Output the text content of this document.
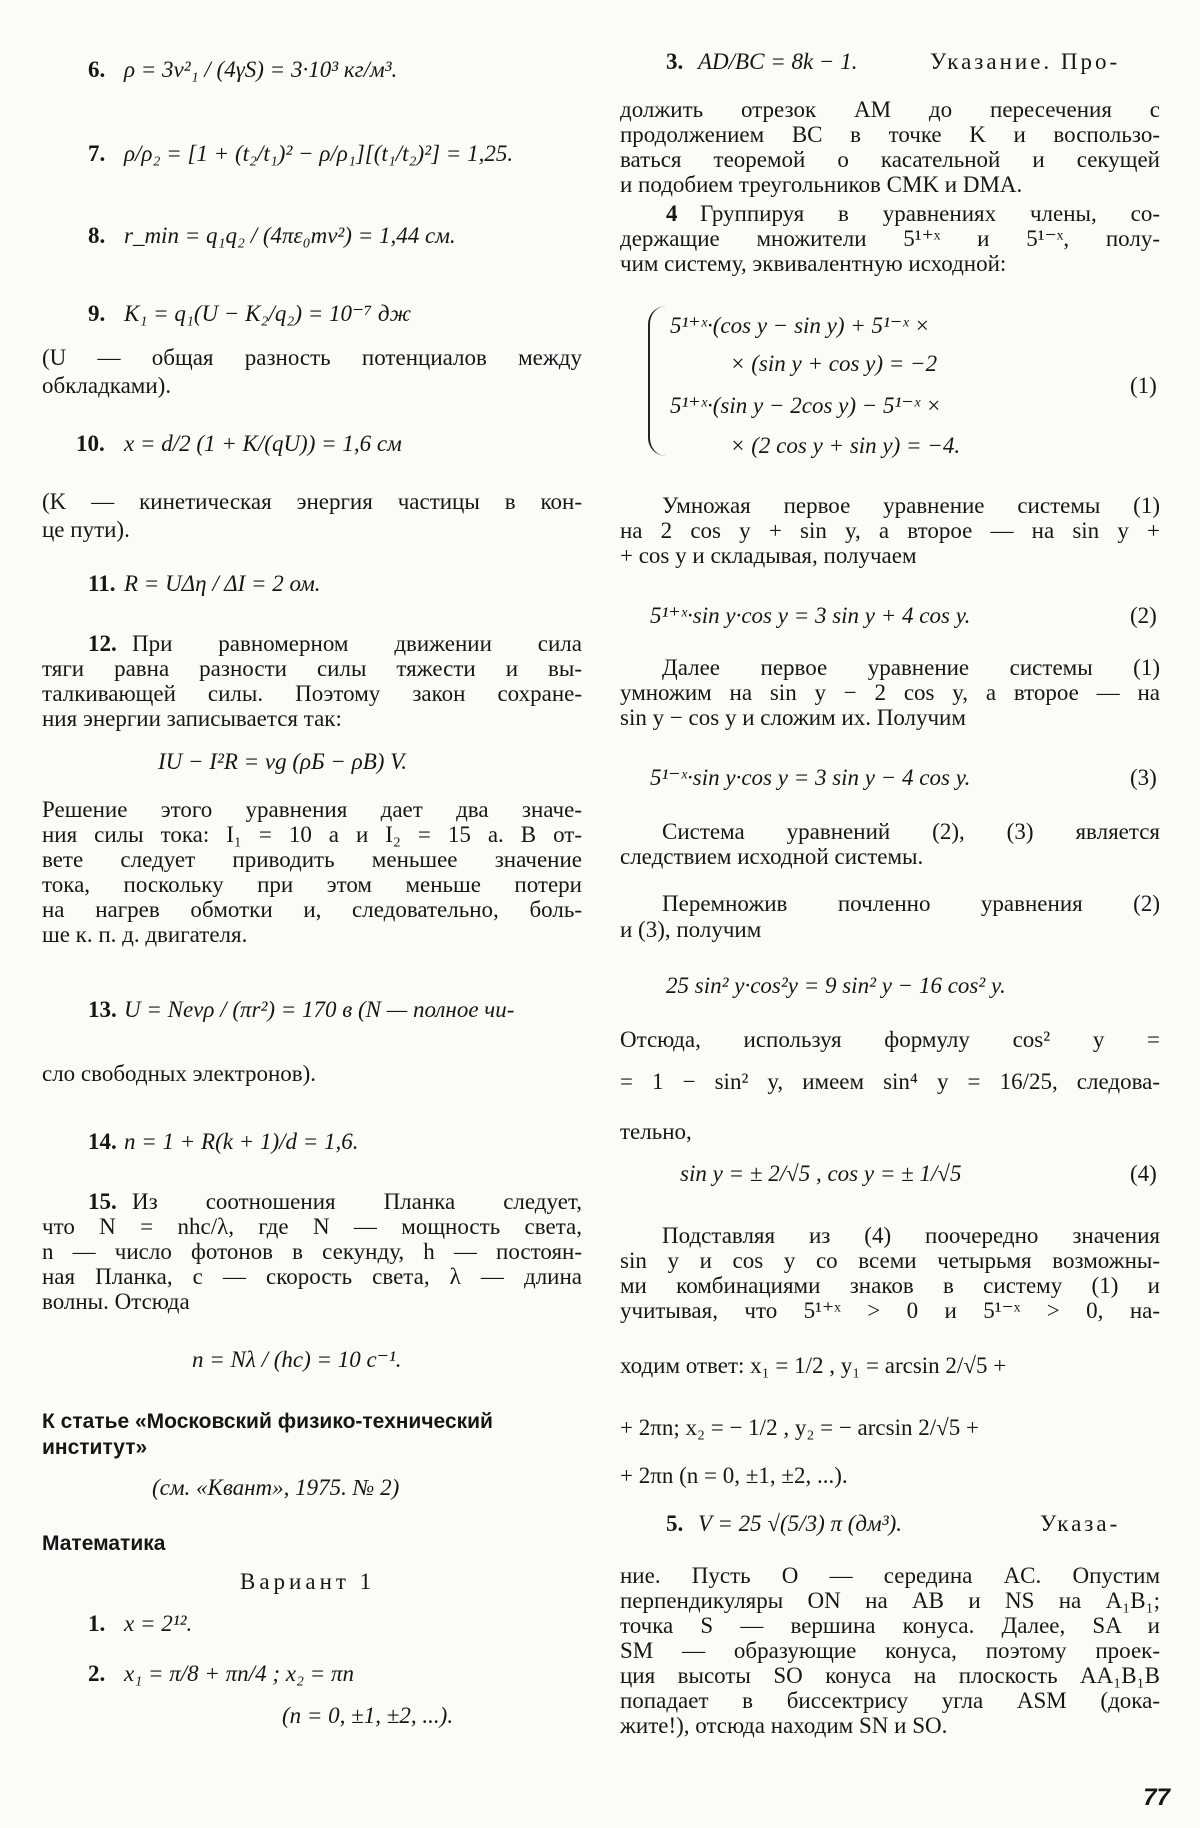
6. ρ = 3v²₁ / (4γS) = 3·10³ кг/м³.
7. ρ/ρ₂ = [1 + (t₂/t₁)² − ρ/ρ₁][(t₁/t₂)²] = 1,25.
8. r_min = q₁q₂ / (4πε₀mv²) = 1,44 см.
9. K₁ = q₁(U − K₂/q₂) = 10⁻⁷ дж
(U — общая разность потенциалов между
обкладками).
10. x = d/2 (1 + K/(qU)) = 1,6 см
(K — кинетическая энергия частицы в кон-
це пути).
11. R = UΔη / ΔI = 2 ом.
12. При равномерном движении сила
тяги равна разности силы тяжести и вы-
талкивающей силы. Поэтому закон сохране-
ния энергии записывается так:
IU − I²R = vg (ρБ − ρВ) V.
Решение этого уравнения дает два значе-
ния силы тока: I₁ = 10 а и I₂ = 15 а. В от-
вете следует приводить меньшее значение
тока, поскольку при этом меньше потери
на нагрев обмотки и, следовательно, боль-
ше к. п. д. двигателя.
13. U = Nevρ / (πr²) = 170 в (N — полное чи-
сло свободных электронов).
14. n = 1 + R(k + 1)/d = 1,6.
15. Из соотношения Планка следует,
что N = nhc/λ, где N — мощность света,
n — число фотонов в секунду, h — постоян-
ная Планка, c — скорость света, λ — длина
волны. Отсюда
n = Nλ / (hc) = 10 с⁻¹.
К статье «Московский физико-технический
институт»
(см. «Квант», 1975. № 2)
Математика
Вариант 1
1. x = 2¹².
2. x₁ = π/8 + πn/4 ; x₂ = πn
(n = 0, ±1, ±2, ...).
3. AD/BC = 8k − 1.	Указание. Про-
должить отрезок AM до пересечения с
продолжением BC в точке K и воспользо-
ваться теоремой о касательной и секущей
и подобием треугольников CMK и DMA.
4 Группируя в уравнениях члены, со-
держащие множители 5¹⁺ˣ и 5¹⁻ˣ, полу-
чим систему, эквивалентную исходной:
5¹⁺ˣ·(cos y − sin y) + 5¹⁻ˣ ×
× (sin y + cos y) = −2
5¹⁺ˣ·(sin y − 2cos y) − 5¹⁻ˣ ×
× (2 cos y + sin y) = −4.
(1)
Умножая первое уравнение системы (1)
на 2 cos y + sin y, а второе — на sin y +
+ cos y и складывая, получаем
5¹⁺ˣ·sin y·cos y = 3 sin y + 4 cos y.	(2)
Далее первое уравнение системы (1)
умножим на sin y − 2 cos y, а второе — на
sin y − cos y и сложим их. Получим
5¹⁻ˣ·sin y·cos y = 3 sin y − 4 cos y.	(3)
Система уравнений (2), (3) является
следствием исходной системы.
Перемножив почленно уравнения (2)
и (3), получим
25 sin² y·cos²y = 9 sin² y − 16 cos² y.
Отсюда, используя формулу cos² y =
= 1 − sin² y, имеем sin⁴ y = 16/25, следова-
тельно,
sin y = ± 2/√5 , cos y = ± 1/√5	(4)
Подставляя из (4) поочередно значения
sin y и cos y со всеми четырьмя возможны-
ми комбинациями знаков в систему (1) и
учитывая, что 5¹⁺ˣ > 0 и 5¹⁻ˣ > 0, на-
ходим ответ: x₁ = 1/2 , y₁ = arcsin 2/√5 +
+ 2πn; x₂ = − 1/2 , y₂ = − arcsin 2/√5 +
+ 2πn (n = 0, ±1, ±2, ...).
5. V = 25 √(5/3) π (дм³).	Указа-
ние. Пусть O — середина AC. Опустим
перпендикуляры ON на AB и NS на A₁B₁;
точка S — вершина конуса. Далее, SA и
SM — образующие конуса, поэтому проек-
ция высоты SO конуса на плоскость AA₁B₁B
попадает в биссектрису угла ASM (дока-
жите!), отсюда находим SN и SO.
77
